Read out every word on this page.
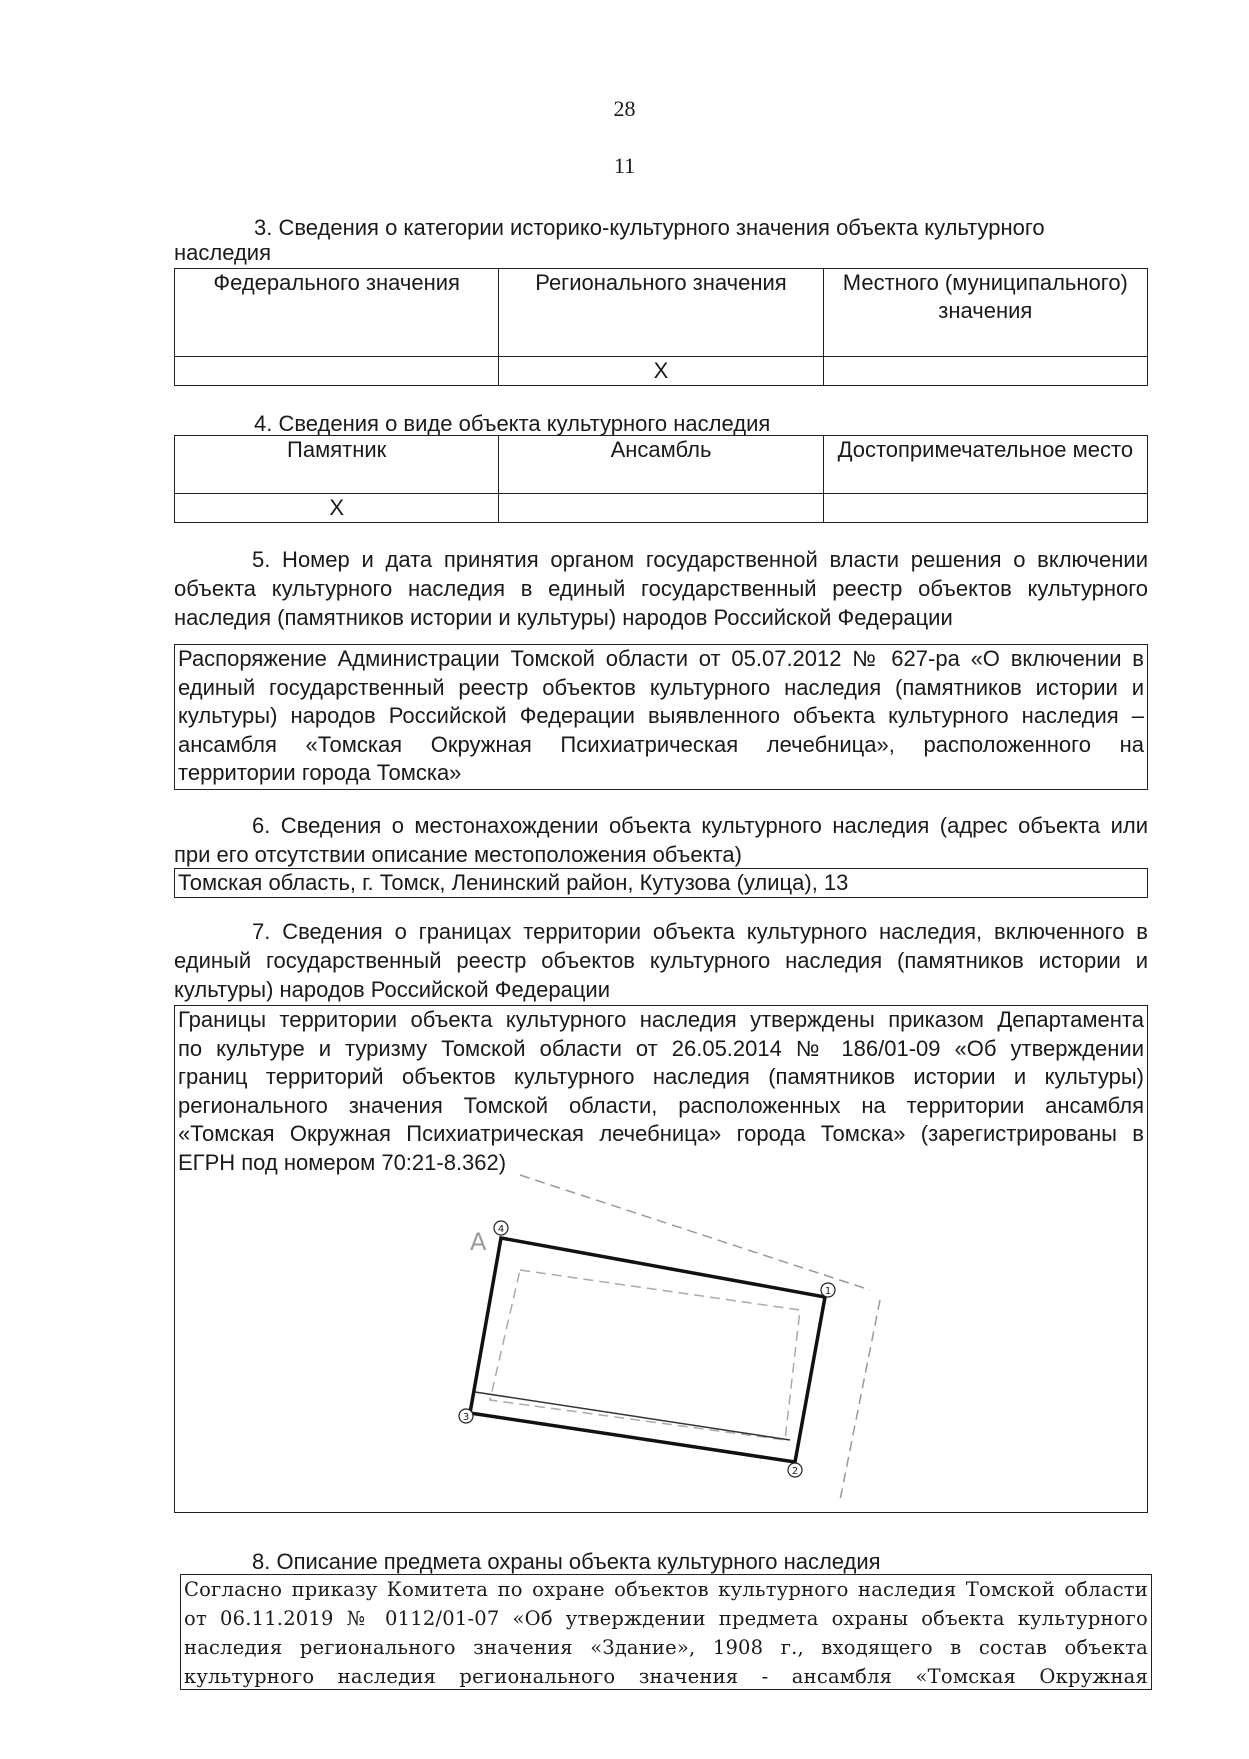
28
11
3. Сведения о категории историко-культурного значения объекта культурного
наследия
Федерального значения	Регионального значения	Местного (муниципального) значения
	X	
4. Сведения о виде объекта культурного наследия
Памятник	Ансамбль	Достопримечательное место
X		
5. Номер и дата принятия органом государственной власти решения о включении объекта культурного наследия в единый государственный реестр объектов культурного наследия (памятников истории и культуры) народов Российской Федерации

Распоряжение Администрации Томской области от 05.07.2012 № 627-ра «О включении в

единый государственный реестр объектов культурного наследия (памятников истории и

культуры) народов Российской Федерации выявленного объекта культурного наследия –

ансамбля «Томская Окружная Психиатрическая лечебница», расположенного на

территории города Томска»

6. Сведения о местонахождении объекта культурного наследия (адрес объекта или при его отсутствии описание местоположения объекта)

Томская область, г. Томск, Ленинский район, Кутузова (улица), 13

7. Сведения о границах территории объекта культурного наследия, включенного в единый государственный реестр объектов культурного наследия (памятников истории и культуры) народов Российской Федерации

Границы территории объекта культурного наследия утверждены приказом Департамента

по культуре и туризму Томской области от 26.05.2014 № 186/01-09 «Об утверждении

границ территорий объектов культурного наследия (памятников истории и культуры)

регионального значения Томской области, расположенных на территории ансамбля

«Томская Окружная Психиатрическая лечебница» города Томска» (зарегистрированы в

ЕГРН под номером 70:21-8.362)

1
2
3
4
А
8. Описание предмета охраны объекта культурного наследия

Согласно приказу Комитета по охране объектов культурного наследия Томской области

от 06.11.2019 № 0112/01-07 «Об утверждении предмета охраны объекта культурного

наследия регионального значения «Здание», 1908 г., входящего в состав объекта

культурного наследия регионального значения - ансамбля «Томская Окружная
